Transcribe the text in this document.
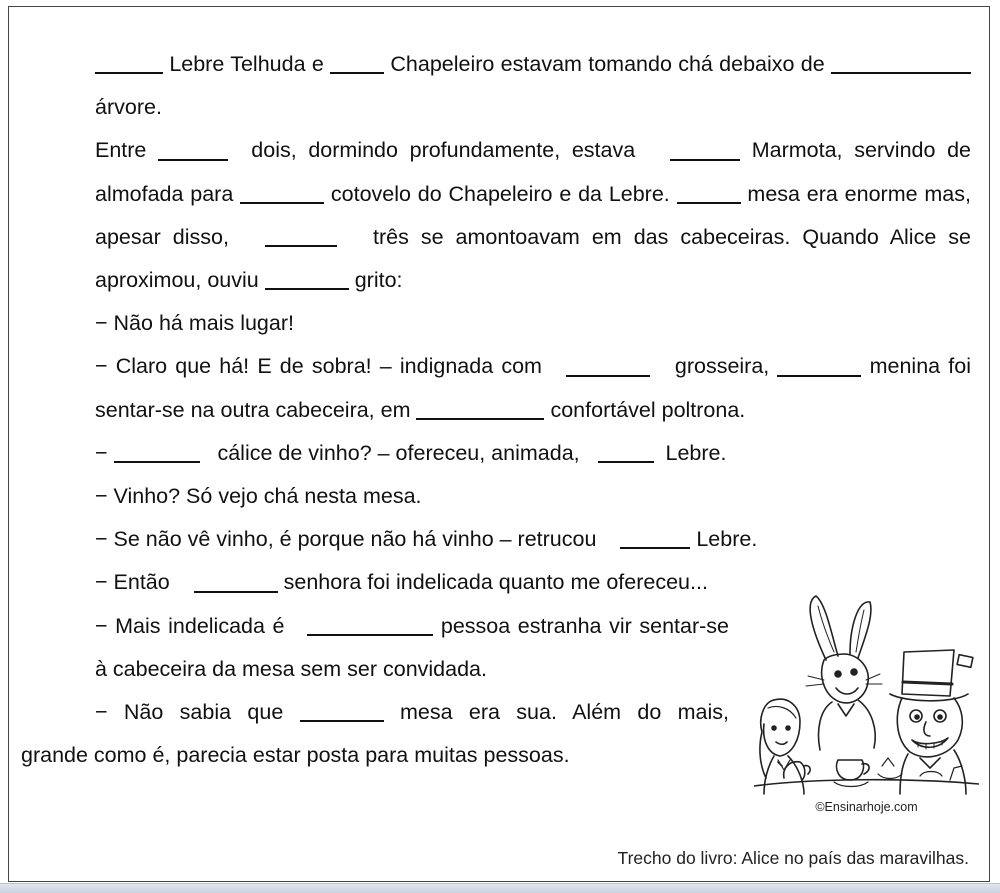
Lebre Telhuda e	Chapeleiro estavam tomando chá debaixo de  árvore.

Entre	dois, dormindo profundamente, estava	Marmota, servindo de almofada para	cotovelo do Chapeleiro e da Lebre.	mesa era enorme mas, apesar disso,	três se amontoavam em das cabeceiras. Quando Alice se aproximou, ouviu	grito:

− Não há mais lugar!

− Claro que há! E de sobra! – indignada com	grosseira,	menina foi sentar-se na outra cabeceira, em	confortável poltrona.

−	cálice de vinho? – ofereceu, animada,	Lebre.

− Vinho? Só vejo chá nesta mesa.

− Se não vê vinho, é porque não há vinho – retrucou	Lebre.

− Então	senhora foi indelicada quanto me ofereceu...

− Mais indelicada é	pessoa estranha vir sentar-se à cabeceira da mesa sem ser convidada.

− Não sabia que	mesa era sua. Além do mais,

grande como é, parecia estar posta para muitas pessoas.

©Ensinarhoje.com
Trecho do livro: Alice no país das maravilhas.
